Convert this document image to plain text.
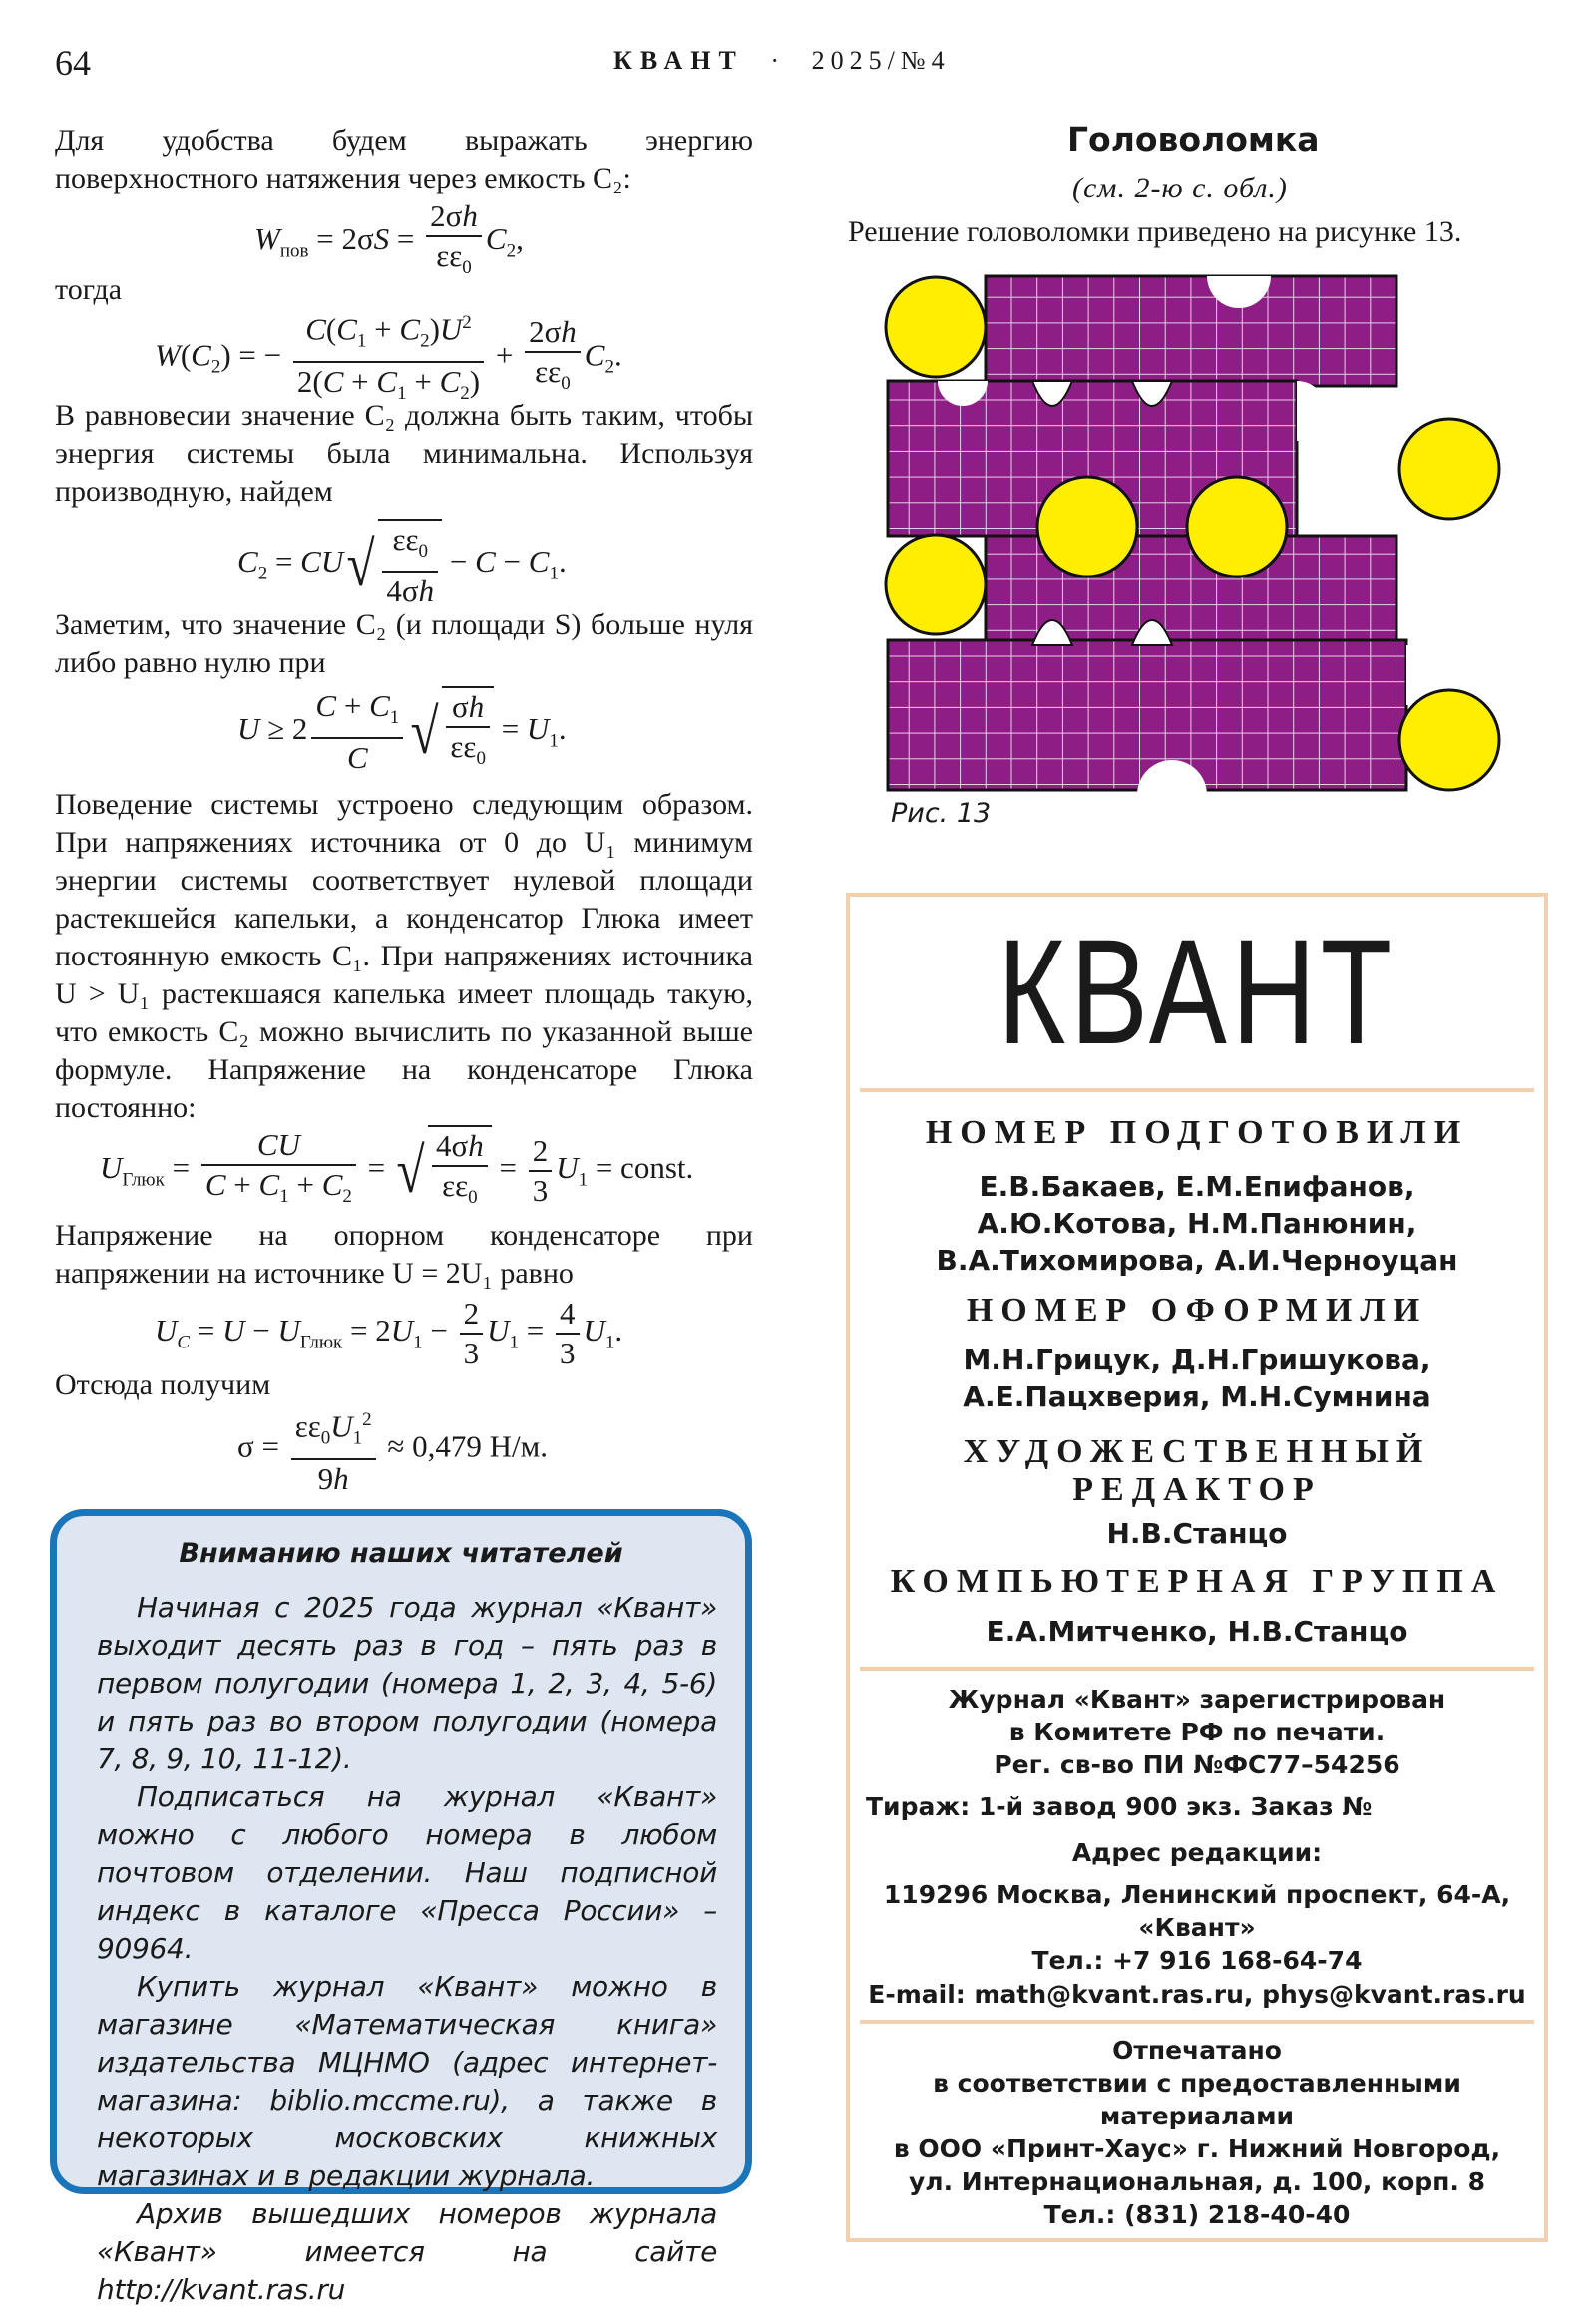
64	КВАНТ · 2025/№4

Для удобства будем выражать энергию поверхностного натяжения через емкость C₂:

$W_{пов} = 2\sigma S = \frac{2\sigma h}{\varepsilon\varepsilon_0} C_2$,

тогда

$W(C_2)$ = − $\frac{C(C_1 + C_2)U^2}{2(C + C_1 + C_2)} + \frac{2\sigma h}{\varepsilon\varepsilon_0} C_2$.

В равновесии значение C₂ должна быть таким, чтобы энергия системы была минимальна. Используя производную, найдем

$C_2 = CU√ \frac{\varepsilon\varepsilon_0}{4\sigma h} - C - C_1$.

Заметим, что значение C₂ (и площади S) больше нуля либо равно нулю при

$U \ge 2 \frac{C + C_1}{C}$ √ $\frac{\sigma h}{\varepsilon\varepsilon_0} = U_1$.

Поведение системы устроено следующим образом. При напряжениях источника от 0 до U₁ минимум энергии системы соответствует нулевой площади растекшейся капельки, а конденсатор Глюка имеет постоянную емкость C₁. При напряжениях источника U > U₁ растекшаяся капелька имеет площадь такую, что емкость C₂ можно вычислить по указанной выше формуле. Напряжение на конденсаторе Глюка постоянно:

$U_{Глюк} = \frac{CU}{C + C_1 + C_2}$ = √ $\frac{4\sigma h}{\varepsilon\varepsilon_0} = \frac{2}{3} U_1$ = const.

Напряжение на опорном конденсаторе при напряжении на источнике U = 2U₁ равно

$U_C = U - U_{Глюк} = 2U_1 - \frac{2}{3} U_1 = \frac{4}{3} U_1$.

Отсюда получим

$\sigma = \frac{\varepsilon\varepsilon_0U_1^2}{9h} \approx 0,479$ Н/м.
Вниманию наших читателей

Начиная с 2025 года журнал «Квант» выходит десять раз в год – пять раз в первом полугодии (номера 1, 2, 3, 4, 5-6) и пять раз во втором полугодии (номера 7, 8, 9, 10, 11-12).

Подписаться на журнал «Квант» можно с любого номера в любом почтовом отделении. Наш подписной индекс в каталоге «Пресса России» – 90964.

Купить журнал «Квант» можно в магазине «Математическая книга» издательства МЦНМО (адрес интернет-магазина: biblio.mccme.ru), а также в некоторых московских книжных магазинах и в редакции журнала.

Архив вышедших номеров журнала «Квант» имеется на сайте http://kvant.ras.ru

Головоломка
(см. 2-ю с. обл.)
Решение головоломки приведено на рисунке 13.
Рис. 13
КВАНТ
НОМЕР ПОДГОТОВИЛИ
Е.В.Бакаев, Е.М.Епифанов,
А.Ю.Котова, Н.М.Панюнин,
В.А.Тихомирова, А.И.Черноуцан
НОМЕР ОФОРМИЛИ
М.Н.Грицук, Д.Н.Гришукова,
А.Е.Пацхверия, М.Н.Сумнина
ХУДОЖЕСТВЕННЫЙ
РЕДАКТОР
Н.В.Станцо
КОМПЬЮТЕРНАЯ ГРУППА
Е.А.Митченко, Н.В.Станцо
Журнал «Квант» зарегистрирован
в Комитете РФ по печати.
Рег. св-во ПИ №ФС77–54256
Тираж: 1-й завод 900 экз. Заказ №
Адрес редакции:
119296 Москва, Ленинский проспект, 64-А,
«Квант»
Тел.: +7 916 168-64-74
E-mail: math@kvant.ras.ru, phys@kvant.ras.ru
Отпечатано
в соответствии с предоставленными
материалами
в ООО «Принт-Хаус» г. Нижний Новгород,
ул. Интернациональная, д. 100, корп. 8
Тел.: (831) 218-40-40
